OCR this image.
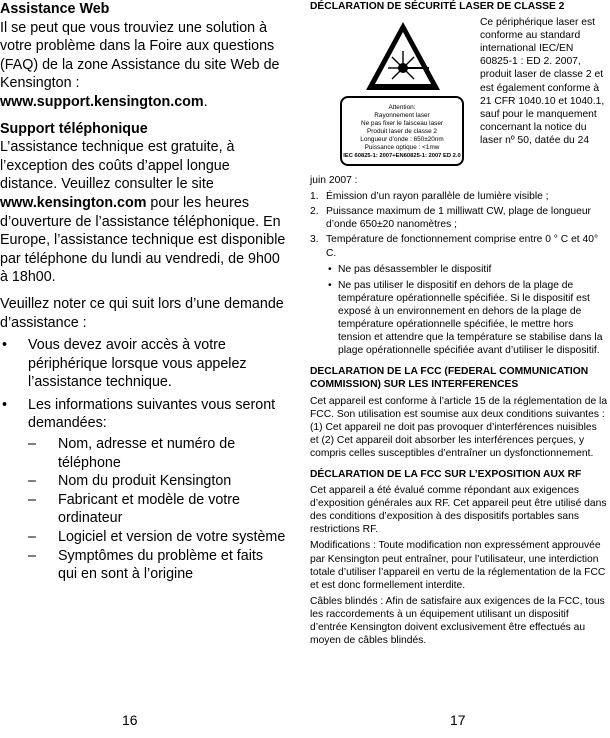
Assistance Web

Il se peut que vous trouviez une solution à votre problème dans la Foire aux questions (FAQ) de la zone Assistance du site Web de Kensington : www.support.kensington.com.

Support téléphonique

L’assistance technique est gratuite, à l’exception des coûts d’appel longue distance. Veuillez consulter le site www.kensington.com pour les heures d’ouverture de l’assistance téléphonique. En Europe, l’assistance technique est disponible par téléphone du lundi au vendredi, de 9h00 à 18h00.

Veuillez noter ce qui suit lors d’une demande d’assistance :

• Vous devez avoir accès à votre périphérique lorsque vous appelez l’assistance technique.
• Les informations suivantes vous seront demandées:
– Nom, adresse et numéro de téléphone
– Nom du produit Kensington
– Fabricant et modèle de votre ordinateur
– Logiciel et version de votre système
– Symptômes du problème et faits qui en sont à l’origine

DÉCLARATION DE SÉCURITÉ LASER DE CLASSE 2

Attention:
Rayonnement laser
Ne pas fixer le faisceau laser
Produit laser de classe 2
Longueur d’onde : 650±20nm
Puissance optique : <1mw
IEC 60825-1: 2007+EN60825-1: 2007 ED 2.0

Ce périphérique laser est conforme au standard international IEC/EN 60825-1 : ED 2. 2007, produit laser de classe 2 et est également conforme à 21 CFR 1040.10 et 1040.1, sauf pour le manquement concernant la notice du laser nº 50, datée du 24

juin 2007 :

1. Émission d’un rayon parallèle de lumière visible ;
2. Puissance maximum de 1 milliwatt CW, plage de longueur d’onde 650±20 nanomètres ;
3. Température de fonctionnement comprise entre 0 ° C et 40° C.
• Ne pas désassembler le dispositif
• Ne pas utiliser le dispositif en dehors de la plage de température opérationnelle spécifiée. Si le dispositif est exposé à un environnement en dehors de la plage de température opérationnelle spécifiée, le mettre hors tension et attendre que la température se stabilise dans la plage opérationnelle spécifiée avant d’utiliser le dispositif.

DECLARATION DE LA FCC (FEDERAL COMMUNICATION COMMISSION) SUR LES INTERFERENCES

Cet appareil est conforme à l’article 15 de la réglementation de la FCC. Son utilisation est soumise aux deux conditions suivantes : (1) Cet appareil ne doit pas provoquer d’interférences nuisibles et (2) Cet appareil doit absorber les interférences perçues, y compris celles susceptibles d’entraîner un dysfonctionnement.

DÉCLARATION DE LA FCC SUR L’EXPOSITION AUX RF

Cet appareil a été évalué comme répondant aux exigences d’exposition générales aux RF. Cet appareil peut être utilisé dans des conditions d’exposition à des dispositifs portables sans restrictions RF.

Modifications : Toute modification non expressément approuvée par Kensington peut entraîner, pour l’utilisateur, une interdiction totale d’utiliser l’appareil en vertu de la réglementation de la FCC et est donc formellement interdite.

Câbles blindés : Afin de satisfaire aux exigences de la FCC, tous les raccordements à un équipement utilisant un dispositif d’entrée Kensington doivent exclusivement être effectués au moyen de câbles blindés.

16	17
